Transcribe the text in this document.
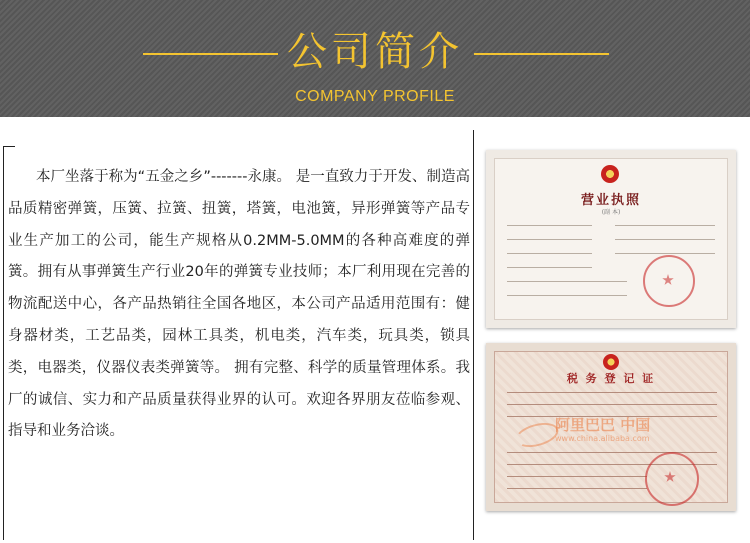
公司简介
COMPANY PROFILE

本厂坐落于称为“五金之乡”-------永康。 是一直致力于开发、制造高品质精密弹簧，压簧、拉簧、扭簧，塔簧，电池簧，异形弹簧等产品专业生产加工的公司，能生产规格从0.2MM-5.0MM的各种高难度的弹簧。拥有从事弹簧生产行业20年的弹簧专业技师；本厂利用现在完善的物流配送中心，各产品热销往全国各地区，本公司产品适用范围有：健身器材类，工艺品类，园林工具类，机电类，汽车类，玩具类，锁具类，电器类，仪器仪表类弹簧等。 拥有完整、科学的质量管理体系。我厂的诚信、实力和产品质量获得业界的认可。欢迎各界朋友莅临参观、指导和业务洽谈。

营业执照
(副 本)
税 务 登 记 证
阿里巴巴 中国
www.china.alibaba.com
